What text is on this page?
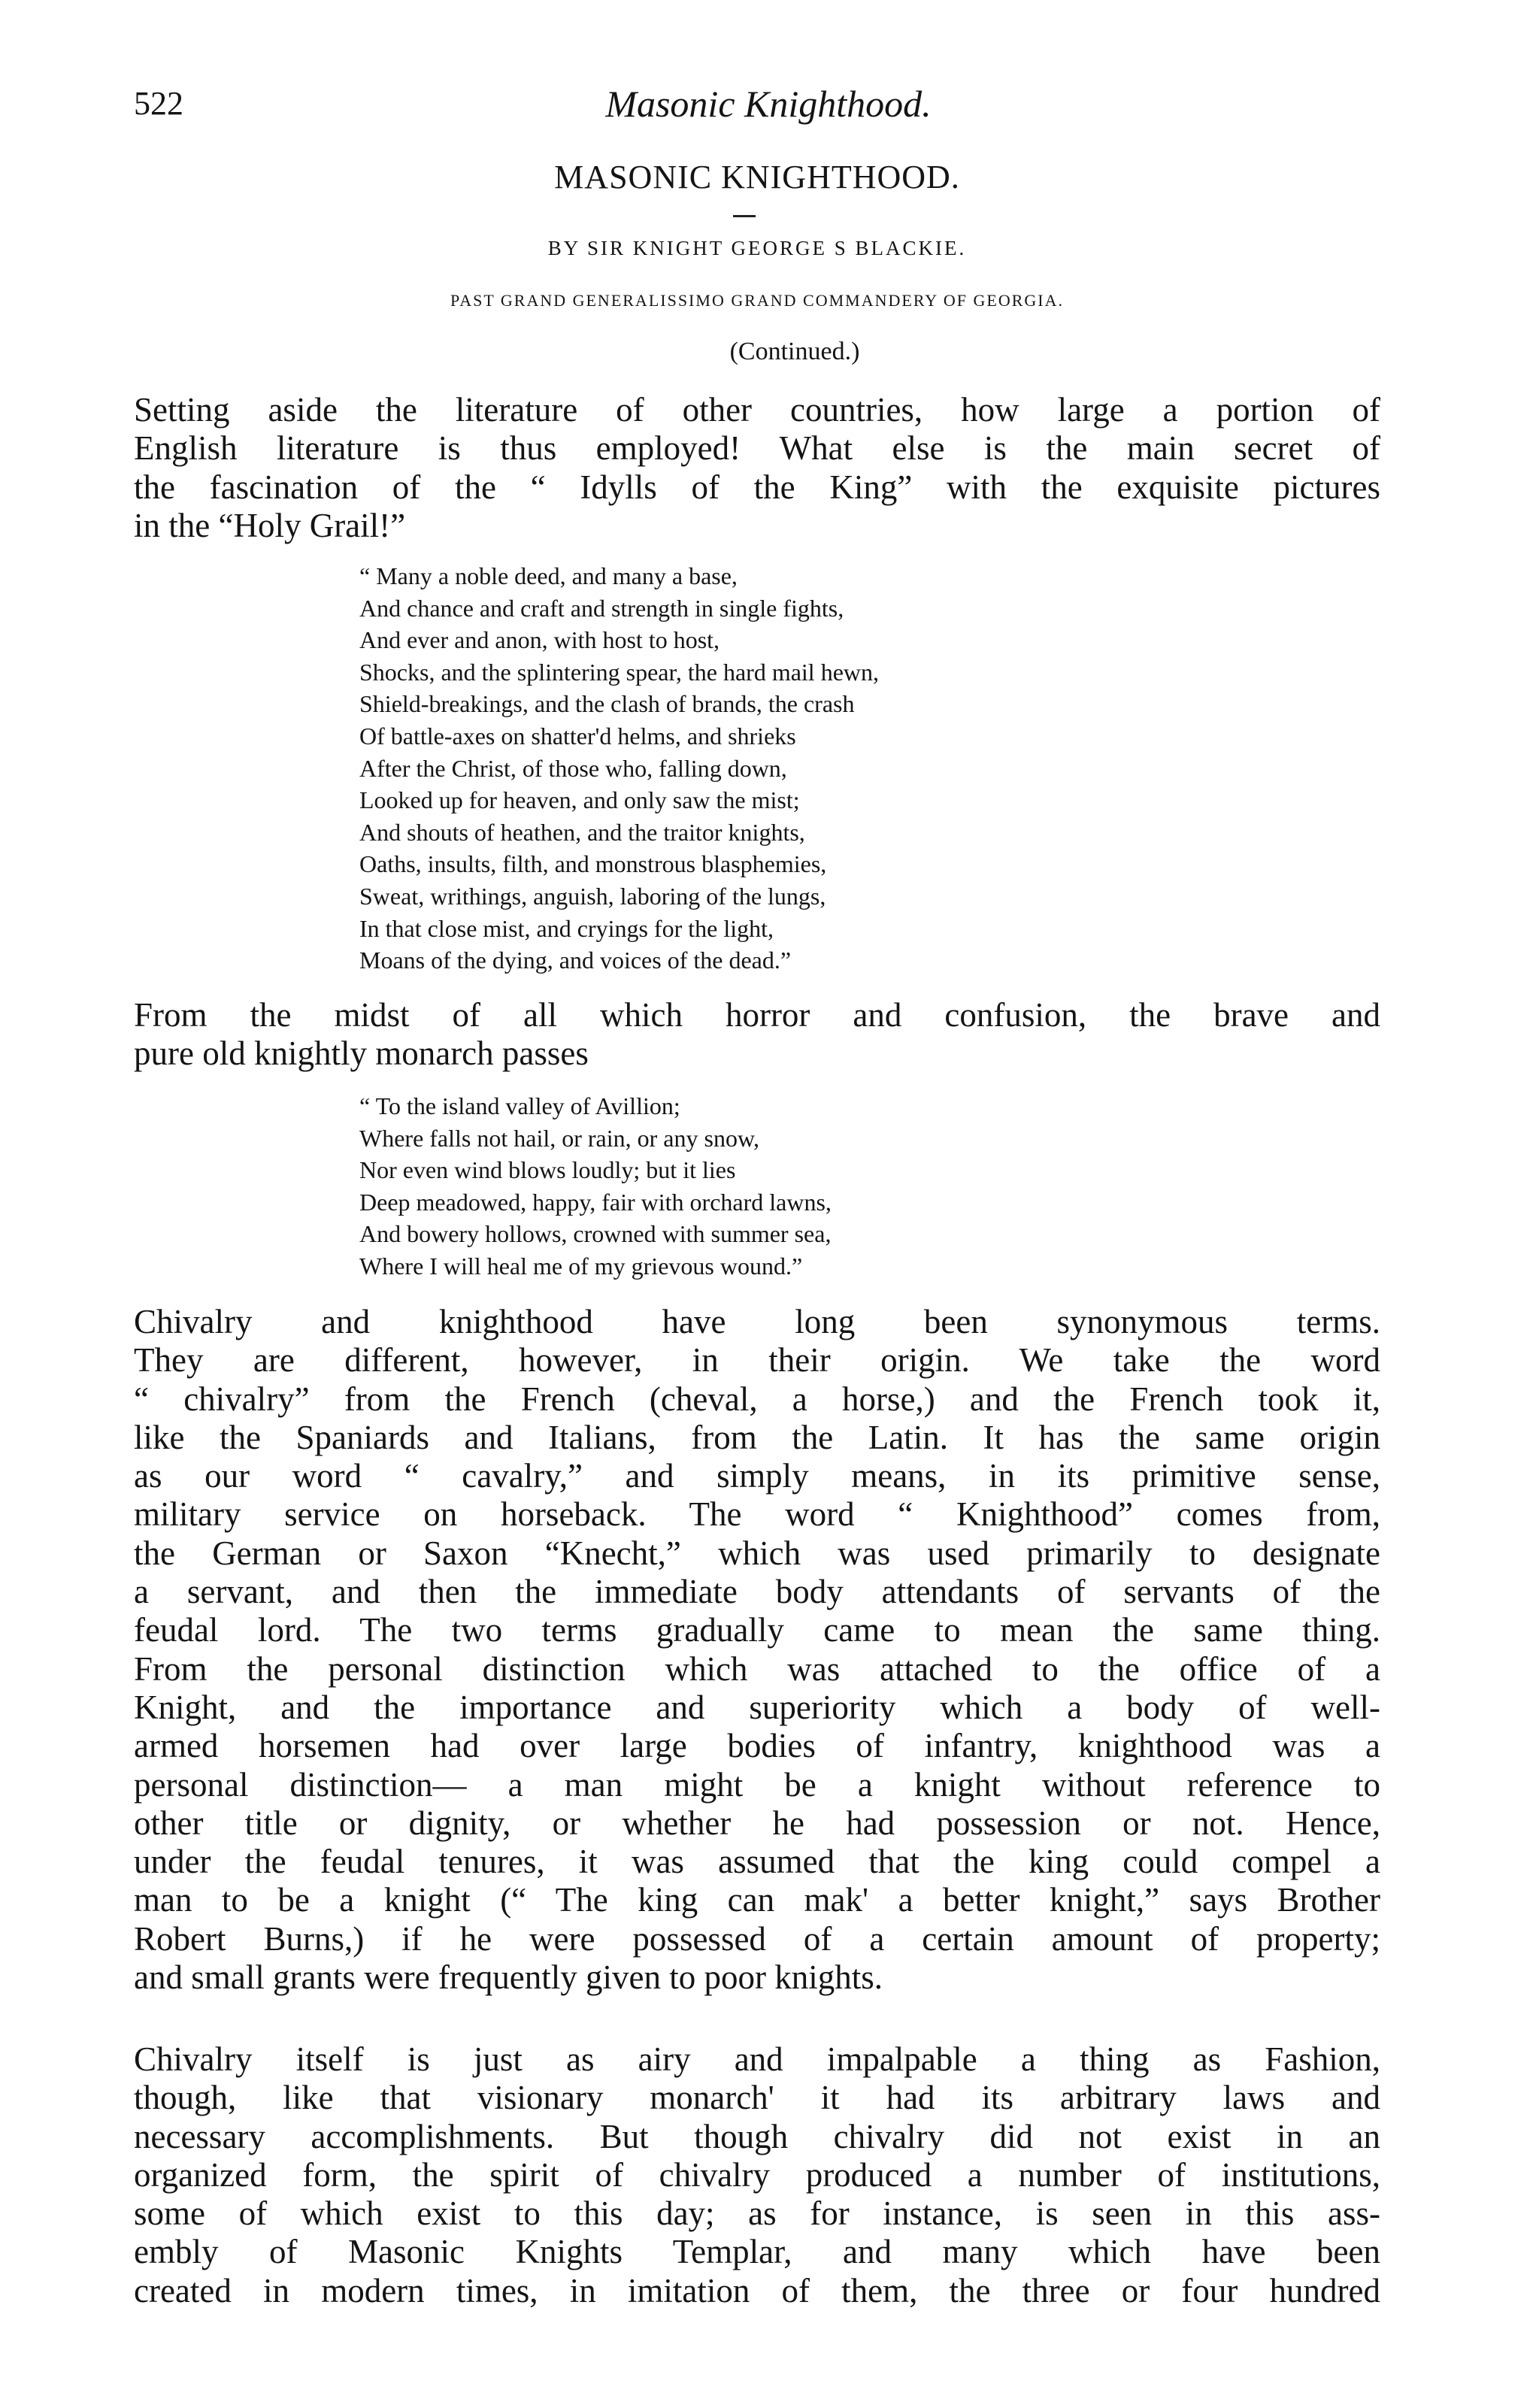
522	Masonic Knighthood.
MASONIC KNIGHTHOOD.
BY SIR KNIGHT GEORGE S BLACKIE.
PAST GRAND GENERALISSIMO GRAND COMMANDERY OF GEORGIA.
(Continued.)
Setting aside the literature of other countries, how large a portion of
English literature is thus employed! What else is the main secret of
the fascination of the “ Idylls of the King” with the exquisite pictures
in the “Holy Grail!”
“ Many a noble deed, and many a base,
And chance and craft and strength in single fights,
And ever and anon, with host to host,
Shocks, and the splintering spear, the hard mail hewn,
Shield-breakings, and the clash of brands, the crash
Of battle-axes on shatter'd helms, and shrieks
After the Christ, of those who, falling down,
Looked up for heaven, and only saw the mist;
And shouts of heathen, and the traitor knights,
Oaths, insults, filth, and monstrous blasphemies,
Sweat, writhings, anguish, laboring of the lungs,
In that close mist, and cryings for the light,
Moans of the dying, and voices of the dead.”
From the midst of all which horror and confusion, the brave and
pure old knightly monarch passes
“ To the island valley of Avillion;
Where falls not hail, or rain, or any snow,
Nor even wind blows loudly; but it lies
Deep meadowed, happy, fair with orchard lawns,
And bowery hollows, crowned with summer sea,
Where I will heal me of my grievous wound.”
Chivalry and knighthood have long been synonymous terms.
They are different, however, in their origin. We take the word
“ chivalry” from the French (cheval, a horse,) and the French took it,
like the Spaniards and Italians, from the Latin. It has the same origin
as our word “ cavalry,” and simply means, in its primitive sense,
military service on horseback. The word “ Knighthood” comes from,
the German or Saxon “Knecht,” which was used primarily to designate
a servant, and then the immediate body attendants of servants of the
feudal lord. The two terms gradually came to mean the same thing.
From the personal distinction which was attached to the office of a
Knight, and the importance and superiority which a body of well-
armed horsemen had over large bodies of infantry, knighthood was a
personal distinction— a man might be a knight without reference to
other title or dignity, or whether he had possession or not. Hence,
under the feudal tenures, it was assumed that the king could compel a
man to be a knight (“ The king can mak' a better knight,” says Brother
Robert Burns,) if he were possessed of a certain amount of property;
and small grants were frequently given to poor knights.
Chivalry itself is just as airy and impalpable a thing as Fashion,
though, like that visionary monarch' it had its arbitrary laws and
necessary accomplishments. But though chivalry did not exist in an
organized form, the spirit of chivalry produced a number of institutions,
some of which exist to this day; as for instance, is seen in this ass-
embly of Masonic Knights Templar, and many which have been
created in modern times, in imitation of them, the three or four hundred
